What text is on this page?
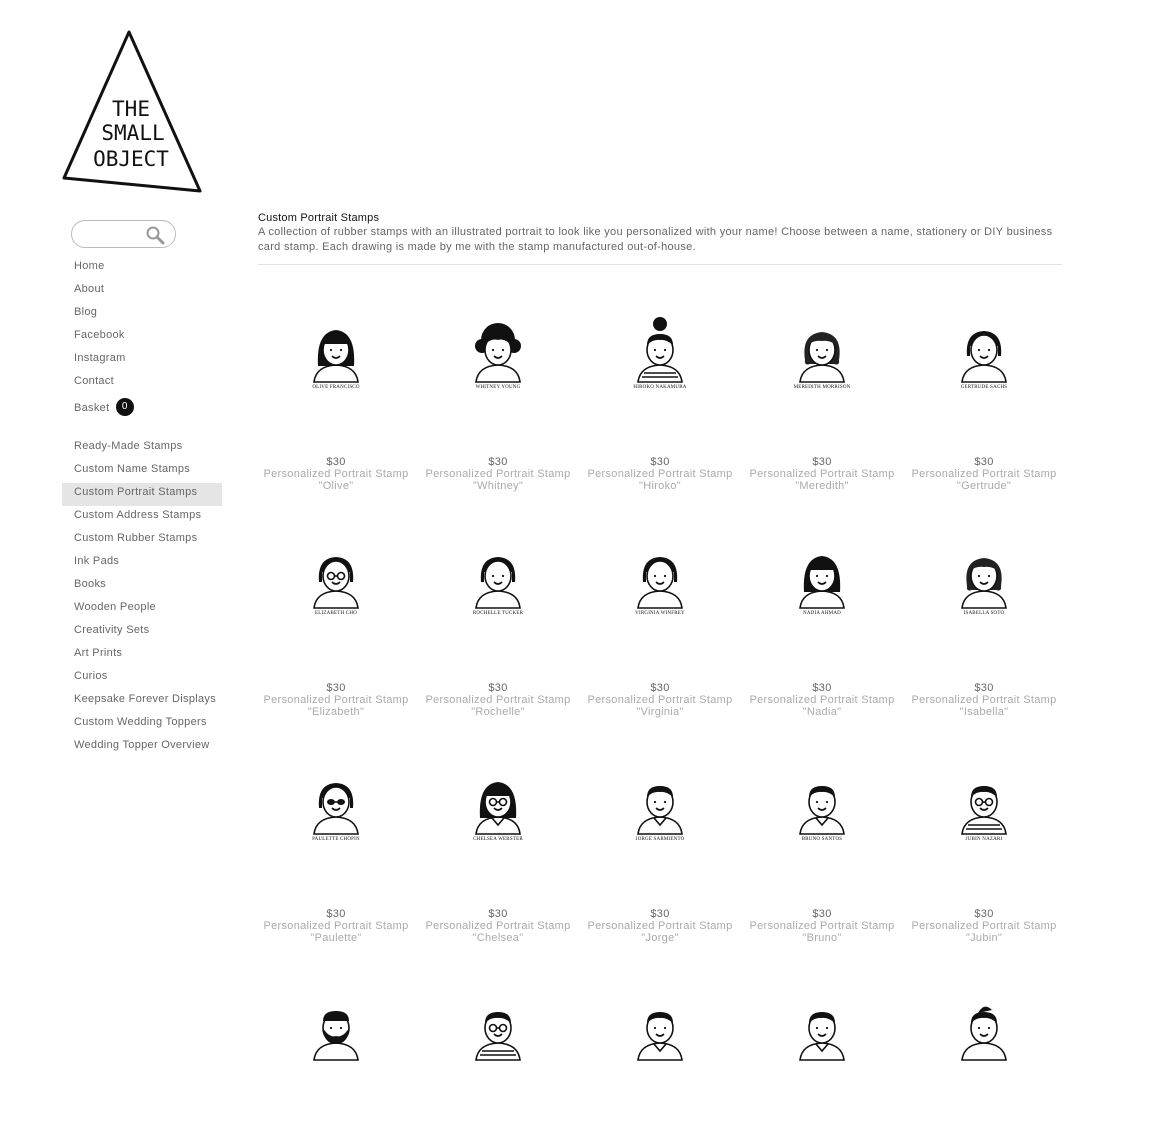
THE
SMALL
OBJECT
Home
About
Blog
Facebook
Instagram
Contact
Basket 0
Ready-Made Stamps
Custom Name Stamps
Custom Portrait Stamps
Custom Address Stamps
Custom Rubber Stamps
Ink Pads
Books
Wooden People
Creativity Sets
Art Prints
Curios
Keepsake Forever Displays
Custom Wedding Toppers
Wedding Topper Overview
Custom Portrait Stamps
A collection of rubber stamps with an illustrated portrait to look like you personalized with your name! Choose between a name, stationery or DIY business card stamp. Each drawing is made by me with the stamp manufactured out-of-house.
OLIVE FRANCISCO
$30
Personalized Portrait Stamp
"Olive"
WHITNEY YOUNG
$30
Personalized Portrait Stamp
"Whitney"
HIROKO NAKAMURA
$30
Personalized Portrait Stamp
"Hiroko"
MEREDITH MORRISON
$30
Personalized Portrait Stamp
"Meredith"
GERTRUDE SACHS
$30
Personalized Portrait Stamp
"Gertrude"
ELIZABETH CHO
$30
Personalized Portrait Stamp
"Elizabeth"
ROCHELLE TUCKER
$30
Personalized Portrait Stamp
"Rochelle"
VIRGINIA WINFREY
$30
Personalized Portrait Stamp
"Virginia"
NADIA AHMAD
$30
Personalized Portrait Stamp
"Nadia"
ISABELLA SOTO
$30
Personalized Portrait Stamp
"Isabella"
PAULETTE CHOPIN
$30
Personalized Portrait Stamp
"Paulette"
CHELSEA WEBSTER
$30
Personalized Portrait Stamp
"Chelsea"
JORGE SARMIENTO
$30
Personalized Portrait Stamp
"Jorge"
BRUNO SANTOS
$30
Personalized Portrait Stamp
"Bruno"
JUBIN NAZARI
$30
Personalized Portrait Stamp
"Jubin"
